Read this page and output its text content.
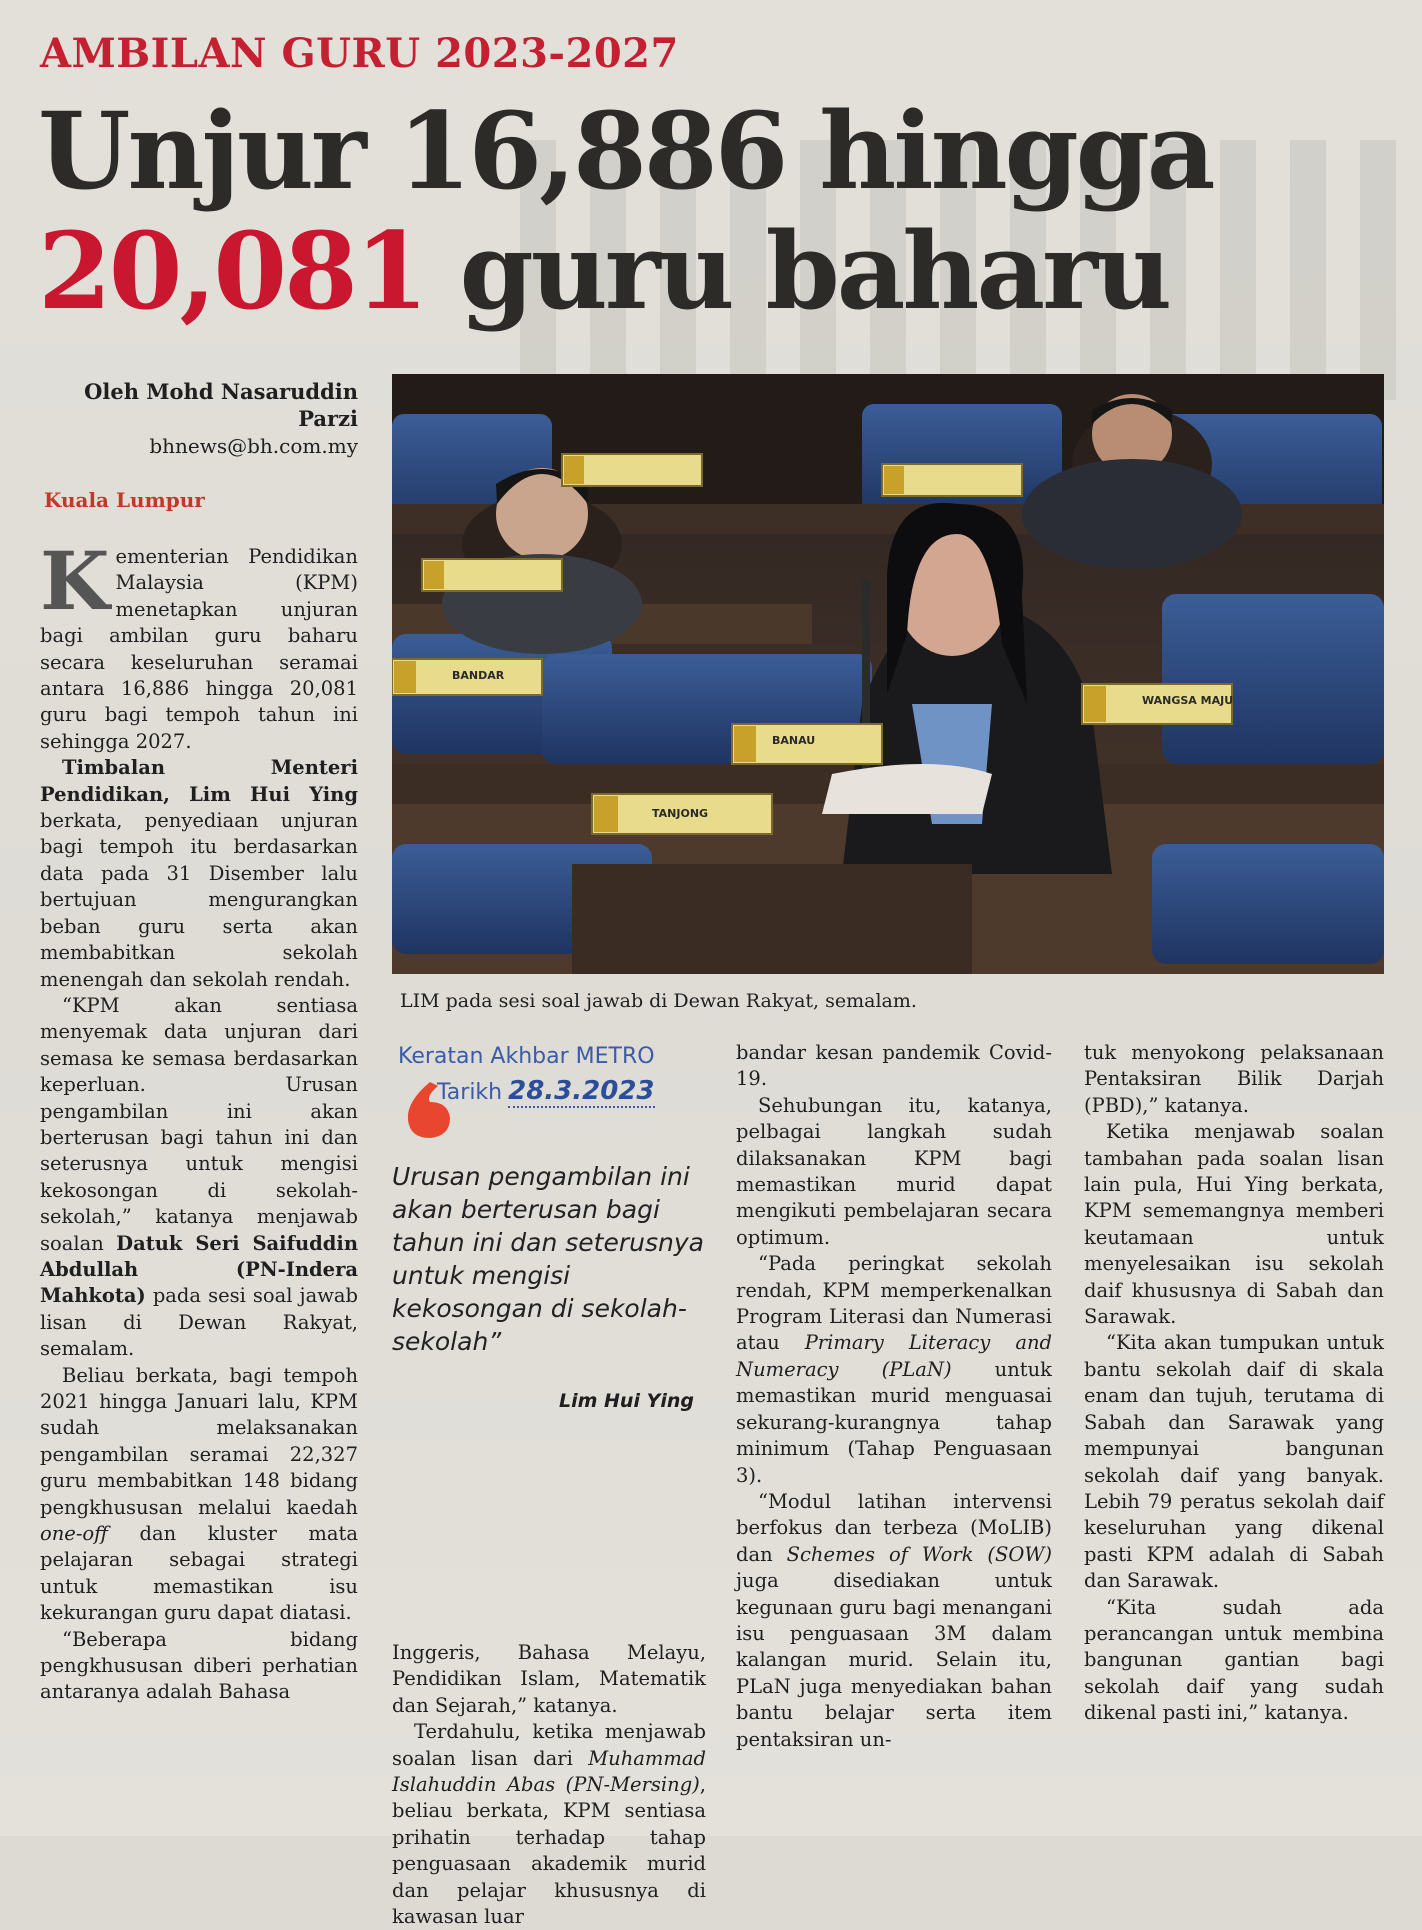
AMBILAN GURU 2023-2027
Unjur 16,886 hingga
20,081 guru baharu
Oleh Mohd Nasaruddin Parzi
bhnews@bh.com.my
Kuala Lumpur

Kementerian Pendidikan Malaysia (KPM) menetapkan unjuran bagi ambilan guru baharu secara keseluruhan seramai antara 16,886 hingga 20,081 guru bagi tempoh tahun ini sehingga 2027.

Timbalan Menteri Pendidikan, Lim Hui Ying berkata, penyediaan unjuran bagi tempoh itu berdasarkan data pada 31 Disember lalu bertujuan mengurangkan beban guru serta akan membabitkan sekolah menengah dan sekolah rendah.

“KPM akan sentiasa menyemak data unjuran dari semasa ke semasa berdasarkan keperluan. Urusan pengambilan ini akan berterusan bagi tahun ini dan seterusnya untuk mengisi kekosongan di sekolah-sekolah,” katanya menjawab soalan Datuk Seri Saifuddin Abdullah (PN-Indera Mahkota) pada sesi soal jawab lisan di Dewan Rakyat, semalam.

Beliau berkata, bagi tempoh 2021 hingga Januari lalu, KPM sudah melaksanakan pengambilan seramai 22,327 guru membabitkan 148 bidang pengkhususan melalui kaedah one-off dan kluster mata pelajaran sebagai strategi untuk memastikan isu kekurangan guru dapat diatasi.

“Beberapa bidang pengkhususan diberi perhatian antaranya adalah Bahasa

TANJONG
BANAU
WANGSA MAJU
BANDAR
LIM pada sesi soal jawab di Dewan Rakyat, semalam.
Keratan Akhbar METRO
Tarikh 28.3.2023
Urusan pengambilan ini akan berterusan bagi tahun ini dan seterusnya untuk mengisi kekosongan di sekolah-sekolah”
Lim Hui Ying

Inggeris, Bahasa Melayu, Pendidikan Islam, Matematik dan Sejarah,” katanya.

Terdahulu, ketika menjawab soalan lisan dari Muhammad Islahuddin Abas (PN-Mersing), beliau berkata, KPM sentiasa prihatin terhadap tahap penguasaan akademik murid dan pelajar khususnya di kawasan luar

bandar kesan pandemik Covid-19.

Sehubungan itu, katanya, pelbagai langkah sudah dilaksanakan KPM bagi memastikan murid dapat mengikuti pembelajaran secara optimum.

“Pada peringkat sekolah rendah, KPM memperkenalkan Program Literasi dan Numerasi atau Primary Literacy and Numeracy (PLaN) untuk memastikan murid menguasai sekurang-kurangnya tahap minimum (Tahap Penguasaan 3).

“Modul latihan intervensi berfokus dan terbeza (MoLIB) dan Schemes of Work (SOW) juga disediakan untuk kegunaan guru bagi menangani isu penguasaan 3M dalam kalangan murid. Selain itu, PLaN juga menyediakan bahan bantu belajar serta item pentaksiran un-

tuk menyokong pelaksanaan Pentaksiran Bilik Darjah (PBD),” katanya.

Ketika menjawab soalan tambahan pada soalan lisan lain pula, Hui Ying berkata, KPM sememangnya memberi keutamaan untuk menyelesaikan isu sekolah daif khususnya di Sabah dan Sarawak.

“Kita akan tumpukan untuk bantu sekolah daif di skala enam dan tujuh, terutama di Sabah dan Sarawak yang mempunyai bangunan sekolah daif yang banyak. Lebih 79 peratus sekolah daif keseluruhan yang dikenal pasti KPM adalah di Sabah dan Sarawak.

“Kita sudah ada perancangan untuk membina bangunan gantian bagi sekolah daif yang sudah dikenal pasti ini,” katanya.
